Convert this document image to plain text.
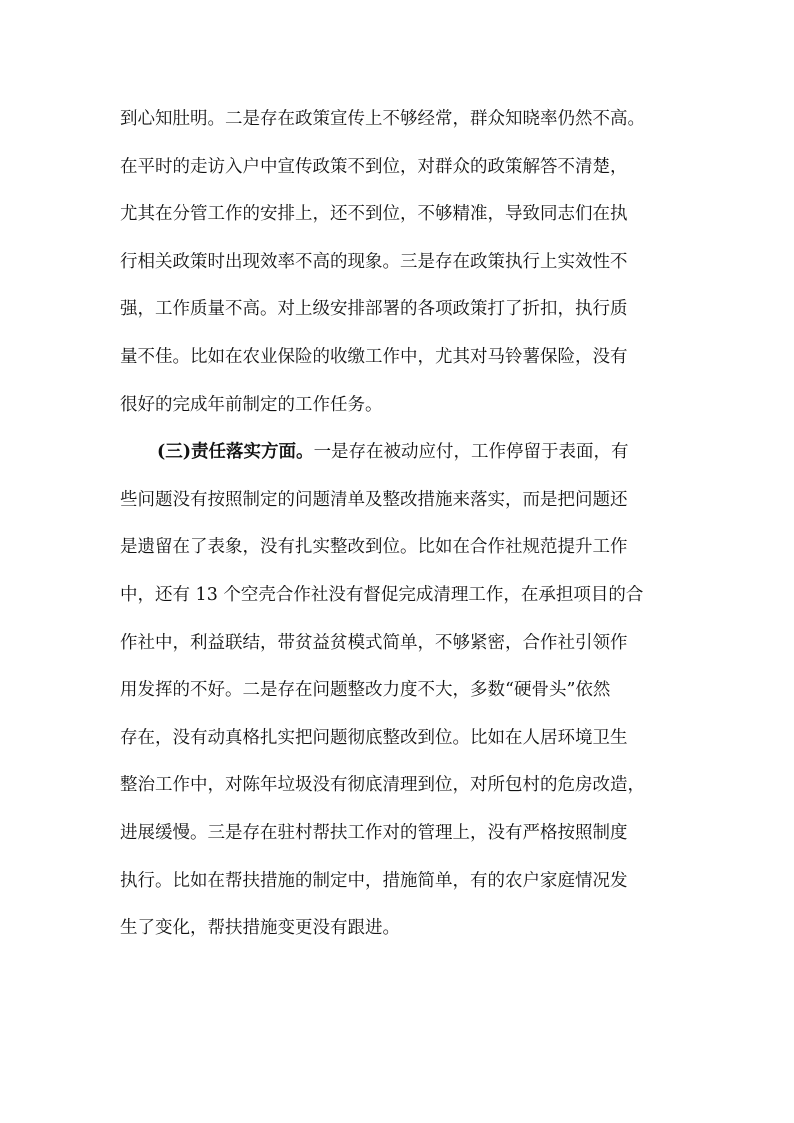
到心知肚明。二是存在政策宣传上不够经常，群众知晓率仍然不高。
在平时的走访入户中宣传政策不到位，对群众的政策解答不清楚，
尤其在分管工作的安排上，还不到位，不够精准，导致同志们在执
行相关政策时出现效率不高的现象。三是存在政策执行上实效性不
强，工作质量不高。对上级安排部署的各项政策打了折扣，执行质
量不佳。比如在农业保险的收缴工作中，尤其对马铃薯保险，没有
很好的完成年前制定的工作任务。
(三)责任落实方面。一是存在被动应付，工作停留于表面，有
些问题没有按照制定的问题清单及整改措施来落实，而是把问题还
是遗留在了表象，没有扎实整改到位。比如在合作社规范提升工作
中，还有 13 个空壳合作社没有督促完成清理工作，在承担项目的合
作社中，利益联结，带贫益贫模式简单，不够紧密，合作社引领作
用发挥的不好。二是存在问题整改力度不大，多数“硬骨头”依然
存在，没有动真格扎实把问题彻底整改到位。比如在人居环境卫生
整治工作中，对陈年垃圾没有彻底清理到位，对所包村的危房改造，
进展缓慢。三是存在驻村帮扶工作对的管理上，没有严格按照制度
执行。比如在帮扶措施的制定中，措施简单，有的农户家庭情况发
生了变化，帮扶措施变更没有跟进。
